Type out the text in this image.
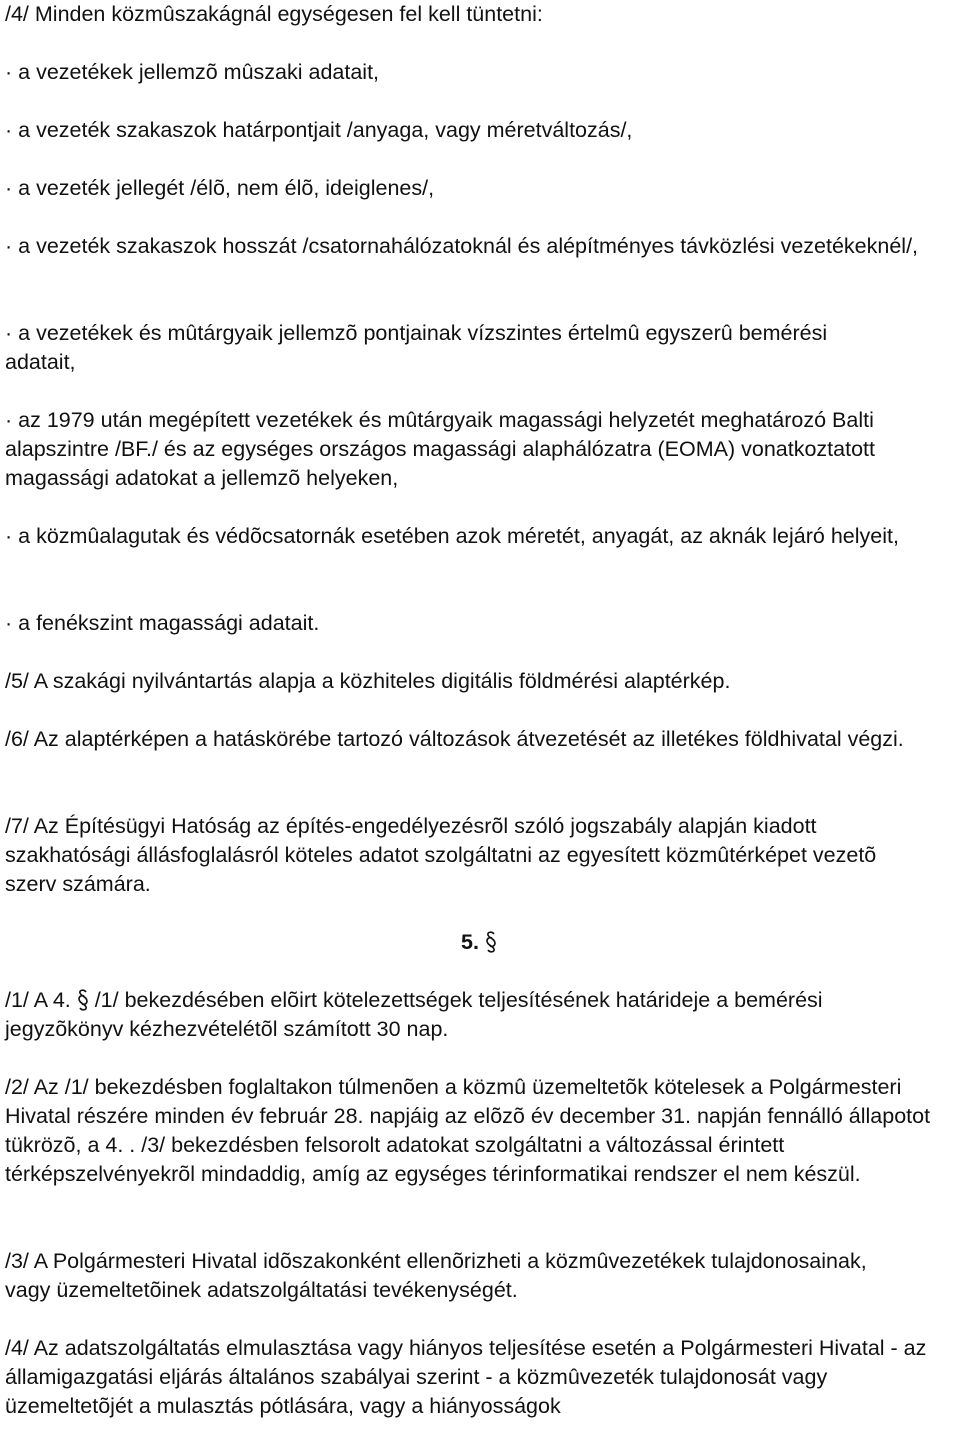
/4/ Minden közmûszakágnál egységesen fel kell tüntetni:

· a vezetékek jellemzõ mûszaki adatait,

· a vezeték szakaszok határpontjait /anyaga, vagy méretváltozás/,

· a vezeték jellegét /élõ, nem élõ, ideiglenes/,

· a vezeték szakaszok hosszát /csatornahálózatoknál és alépítményes távközlési vezetékeknél/,

· a vezetékek és mûtárgyaik jellemzõ pontjainak vízszintes értelmû egyszerû bemérési adatait,

· az 1979 után megépített vezetékek és mûtárgyaik magassági helyzetét meghatározó Balti alapszintre /BF./ és az egységes országos magassági alaphálózatra (EOMA) vonatkoztatott magassági adatokat a jellemzõ helyeken,

· a közmûalagutak és védõcsatornák esetében azok méretét, anyagát, az aknák lejáró helyeit,

· a fenékszint magassági adatait.

/5/ A szakági nyilvántartás alapja a közhiteles digitális földmérési alaptérkép.

/6/ Az alaptérképen a hatáskörébe tartozó változások átvezetését az illetékes földhivatal végzi.

/7/ Az Építésügyi Hatóság az építés-engedélyezésrõl szóló jogszabály alapján kiadott szakhatósági állásfoglalásról köteles adatot szolgáltatni az egyesített közmûtérképet vezetõ szerv számára.

5.

/1/ A 4.
/1/ bekezdésében elõirt kötelezettségek teljesítésének határideje a bemérési jegyzõkönyv kézhezvételétõl számított 30 nap.

/2/ Az /1/ bekezdésben foglaltakon túlmenõen a közmû üzemeltetõk kötelesek a Polgármesteri Hivatal részére minden év február 28. napjáig az elõzõ év december 31. napján fennálló állapotot tükrözõ, a 4. . /3/ bekezdésben felsorolt adatokat szolgáltatni a változással érintett térképszelvényekrõl mindaddig, amíg az egységes térinformatikai rendszer el nem készül.

/3/ A Polgármesteri Hivatal idõszakonként ellenõrizheti a közmûvezetékek tulajdonosainak, vagy üzemeltetõinek adatszolgáltatási tevékenységét.

/4/ Az adatszolgáltatás elmulasztása vagy hiányos teljesítése esetén a Polgármesteri Hivatal - az államigazgatási eljárás általános szabályai szerint - a közmûvezeték tulajdonosát vagy üzemeltetõjét a mulasztás pótlására, vagy a hiányosságok
